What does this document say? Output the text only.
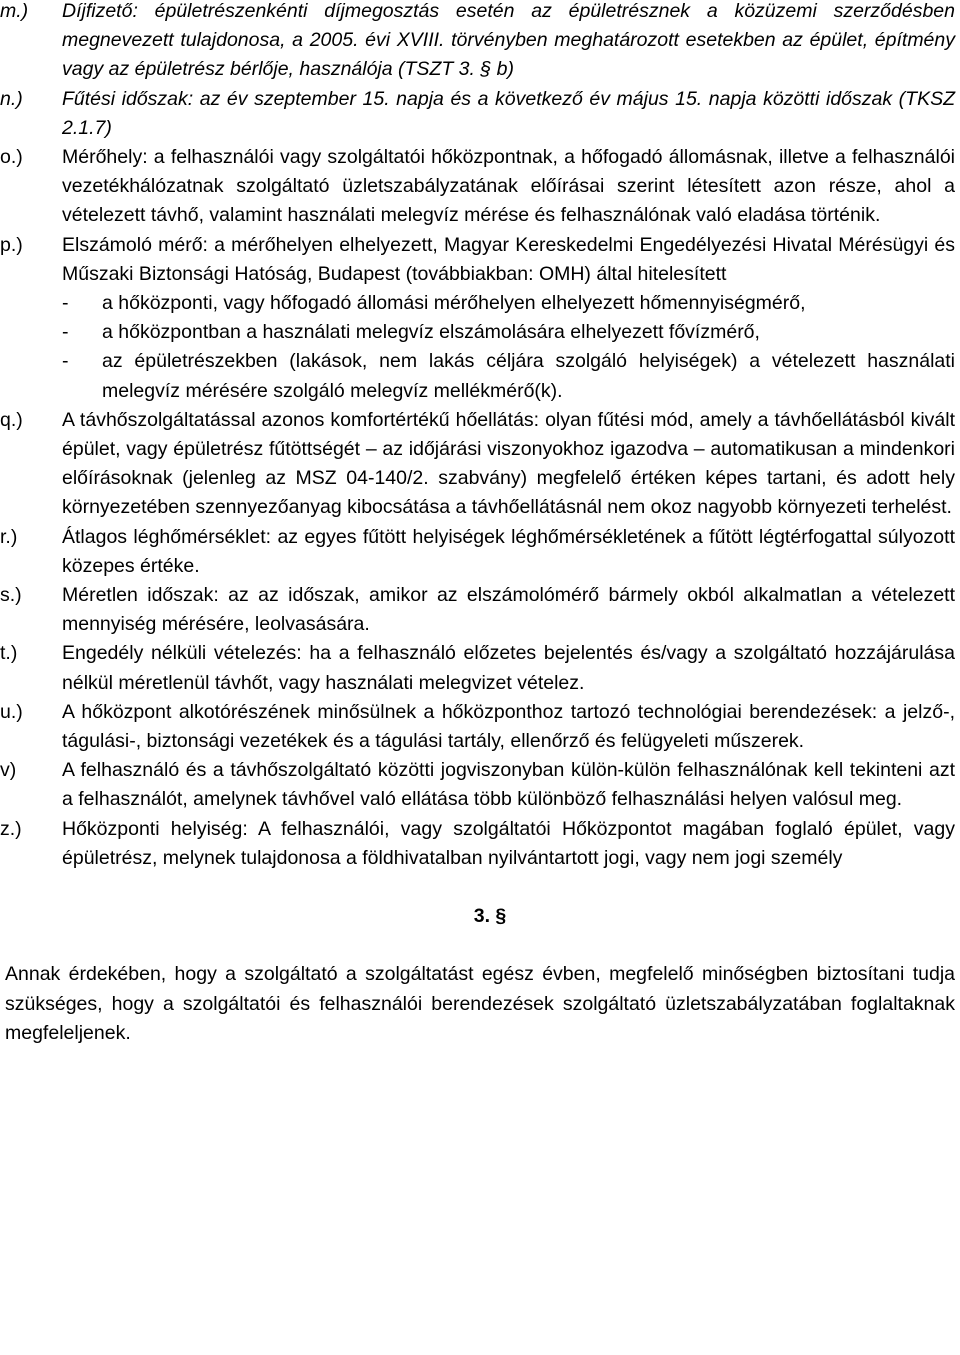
m.) Díjfizető: épületrészenkénti díjmegosztás esetén az épületrésznek a közüzemi szerződésben megnevezett tulajdonosa, a 2005. évi XVIII. törvényben meghatározott esetekben az épület, építmény vagy az épületrész bérlője, használója (TSZT 3. § b)
n.) Fűtési időszak: az év szeptember 15. napja és a következő év május 15. napja közötti időszak (TKSZ 2.1.7)
o.) Mérőhely: a felhasználói vagy szolgáltatói hőközpontnak, a hőfogadó állomásnak, illetve a felhasználói vezetékhálózatnak szolgáltató üzletszabályzatának előírásai szerint létesített azon része, ahol a vételezett távhő, valamint használati melegvíz mérése és felhasználónak való eladása történik.
p.) Elszámoló mérő: a mérőhelyen elhelyezett, Magyar Kereskedelmi Engedélyezési Hivatal Mérésügyi és Műszaki Biztonsági Hatóság, Budapest (továbbiakban: OMH) által hitelesített
- a hőközponti, vagy hőfogadó állomási mérőhelyen elhelyezett hőmennyiségmérő,
- a hőközpontban a használati melegvíz elszámolására elhelyezett fővízmérő,
- az épületrészekben (lakások, nem lakás céljára szolgáló helyiségek) a vételezett használati melegvíz mérésére szolgáló melegvíz mellékmérő(k).
q.) A távhőszolgáltatással azonos komfortértékű hőellátás: olyan fűtési mód, amely a távhőellátásból kivált épület, vagy épületrész fűtöttségét – az időjárási viszonyokhoz igazodva – automatikusan a mindenkori előírásoknak (jelenleg az MSZ 04-140/2. szabvány) megfelelő értéken képes tartani, és adott hely környezetében szennyezőanyag kibocsátása a távhőellátásnál nem okoz nagyobb környezeti terhelést.
r.) Átlagos léghőmérséklet: az egyes fűtött helyiségek léghőmérsékletének a fűtött légtérfogattal súlyozott közepes értéke.
s.) Méretlen időszak: az az időszak, amikor az elszámolómérő bármely okból alkalmatlan a vételezett mennyiség mérésére, leolvasására.
t.) Engedély nélküli vételezés: ha a felhasználó előzetes bejelentés és/vagy a szolgáltató hozzájárulása nélkül méretlenül távhőt, vagy használati melegvizet vételez.
u.) A hőközpont alkotórészének minősülnek a hőközponthoz tartozó technológiai berendezések: a jelző-, tágulási-, biztonsági vezetékek és a tágulási tartály, ellenőrző és felügyeleti műszerek.
v) A felhasználó és a távhőszolgáltató közötti jogviszonyban külön-külön felhasználónak kell tekinteni azt a felhasználót, amelynek távhővel való ellátása több különböző felhasználási helyen valósul meg.
z.) Hőközponti helyiség: A felhasználói, vagy szolgáltatói Hőközpontot magában foglaló épület, vagy épületrész, melynek tulajdonosa a földhivatalban nyilvántartott jogi, vagy nem jogi személy
3. §
Annak érdekében, hogy a szolgáltató a szolgáltatást egész évben, megfelelő minőségben biztosítani tudja szükséges, hogy a szolgáltatói és felhasználói berendezések szolgáltató üzletszabályzatában foglaltaknak megfeleljenek.
